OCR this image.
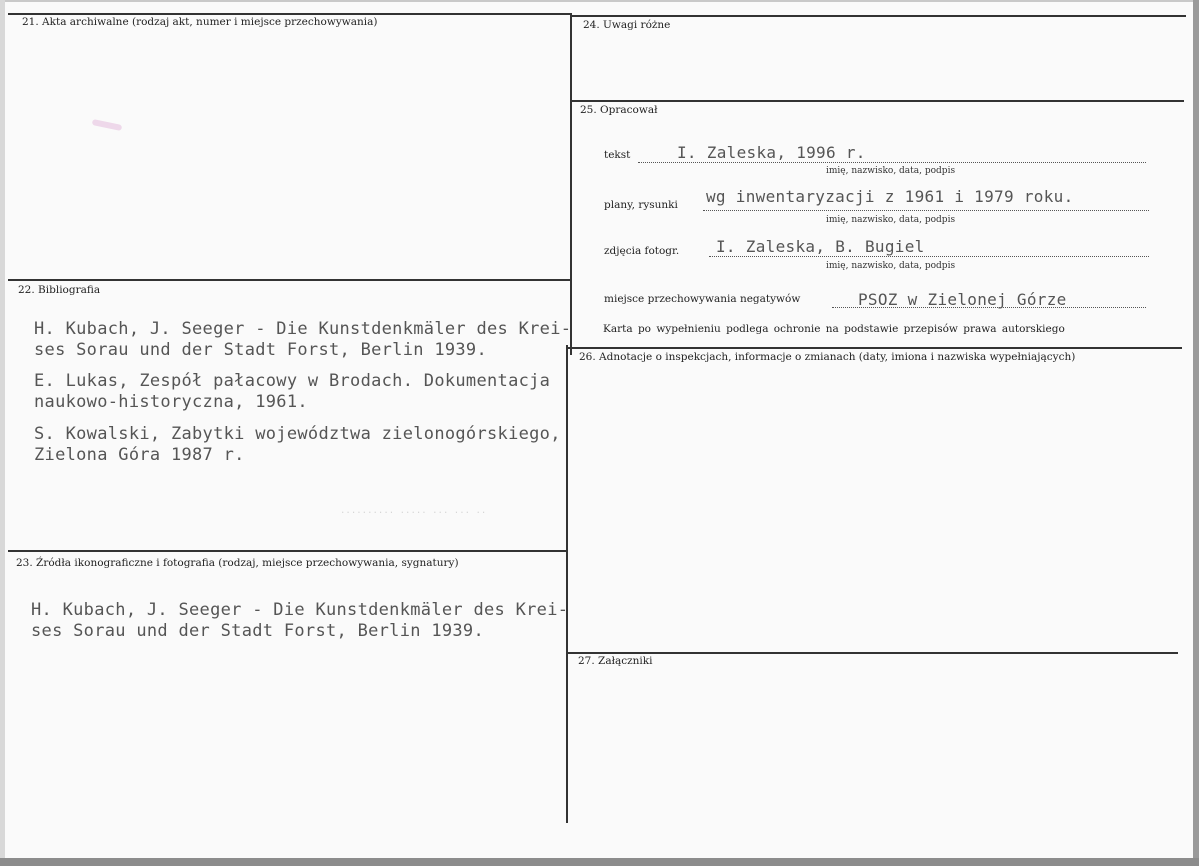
21. Akta archiwalne (rodzaj akt, numer i miejsce przechowywania)
22. Bibliografia
H. Kubach, J. Seeger - Die Kunstdenkmäler des Krei-
ses Sorau und der Stadt Forst, Berlin 1939.
E. Lukas, Zespół pałacowy w Brodach. Dokumentacja
naukowo-historyczna, 1961.
S. Kowalski, Zabytki województwa zielonogórskiego,
Zielona Góra 1987 r.
.......... ..... ... ... ..
23. Źródła ikonograficzne i fotografia (rodzaj, miejsce przechowywania, sygnatury)
H. Kubach, J. Seeger - Die Kunstdenkmäler des Krei-
ses Sorau und der Stadt Forst, Berlin 1939.
24. Uwagi różne
25. Opracował
tekst	I. Zaleska, 1996 r.
imię, nazwisko, data, podpis
plany, rysunki wg inwentaryzacji z 1961 i 1979 roku.
imię, nazwisko, data, podpis
zdjęcia fotogr. I. Zaleska, B. Bugiel
imię, nazwisko, data, podpis
miejsce przechowywania negatywów	PSOZ w Zielonej Górze
Karta po wypełnieniu podlega ochronie na podstawie przepisów prawa autorskiego
26. Adnotacje o inspekcjach, informacje o zmianach (daty, imiona i nazwiska wypełniających)
27. Załączniki
